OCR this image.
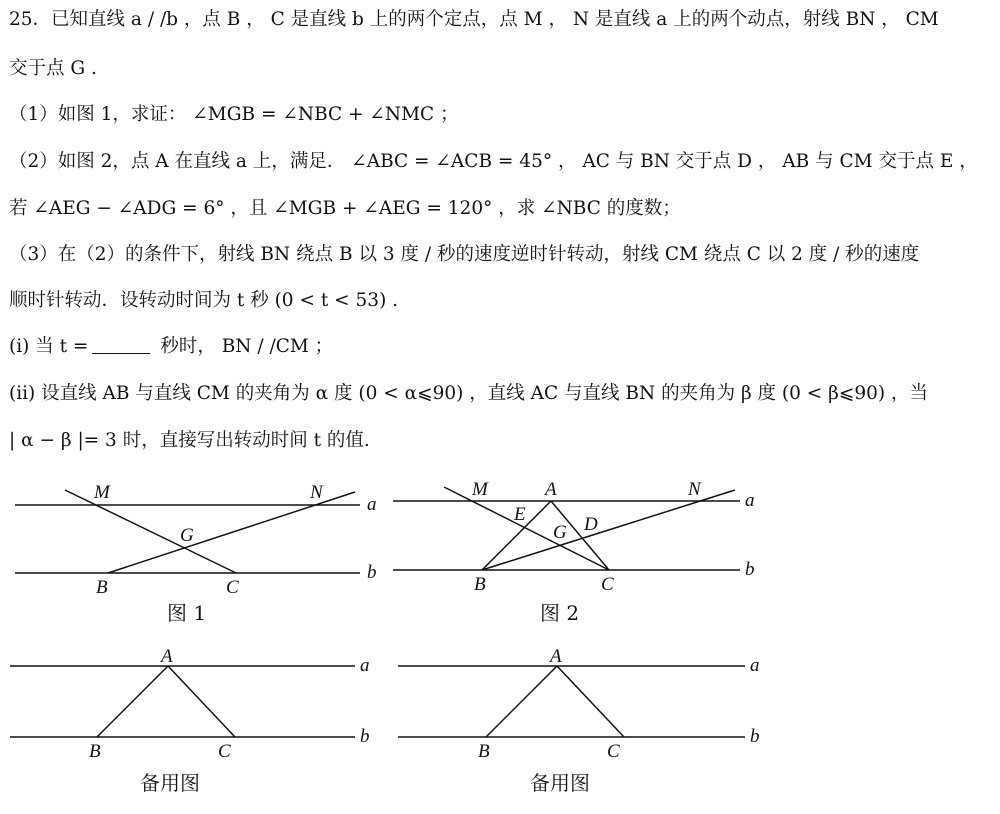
25．已知直线 a / /b ，点 B ， C 是直线 b 上的两个定点，点 M ， N 是直线 a 上的两个动点，射线 BN ， CM
交于点 G .
（1）如图 1，求证： ∠MGB = ∠NBC + ∠NMC ；
（2）如图 2，点 A 在直线 a 上，满足． ∠ABC = ∠ACB = 45° ， AC 与 BN 交于点 D ， AB 与 CM 交于点 E ，
若 ∠AEG − ∠ADG = 6° ，且 ∠MGB + ∠AEG = 120° ，求 ∠NBC 的度数；
（3）在（2）的条件下，射线 BN 绕点 B 以 3 度 / 秒的速度逆时针转动，射线 CM 绕点 C 以 2 度 / 秒的速度
顺时针转动．设转动时间为 t 秒 (0 < t < 53) .
(i) 当 t =	秒时， BN / /CM ；
(ii) 设直线 AB 与直线 CM 的夹角为 α 度 (0 < α⩽90) ，直线 AC 与直线 BN 的夹角为 β 度 (0 < β⩽90) ，当
| α − β |= 3 时，直接写出转动时间 t 的值.
M	N
G
B	C
a
b
图 1
M	A	N
E
G D
B	C
a
b
图 2
A
B	C
a
b
备用图
A
B	C
a
b
备用图
